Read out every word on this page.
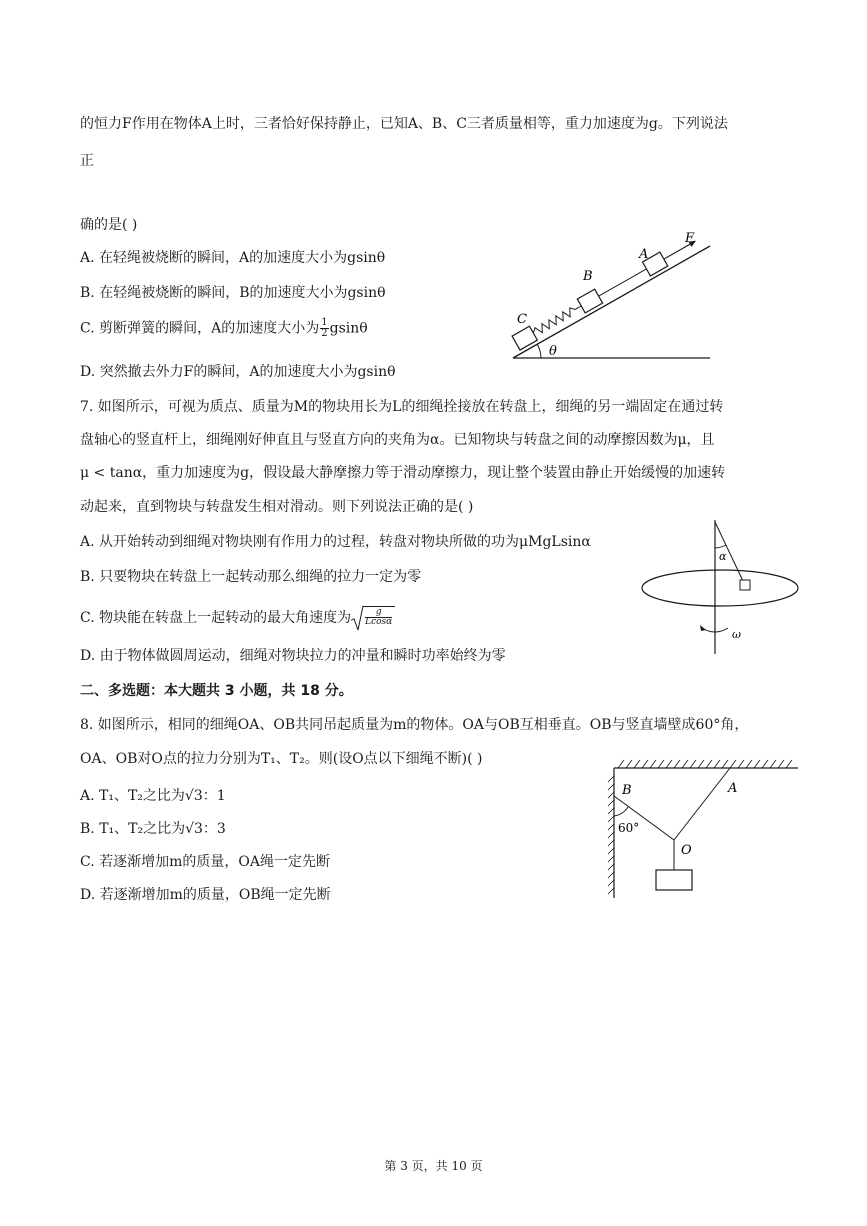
的恒力F作用在物体A上时，三者恰好保持静止，已知A、B、C三者质量相等，重力加速度为g。下列说法
正
确的是( )
A. 在轻绳被烧断的瞬间，A的加速度大小为gsinθ
B. 在轻绳被烧断的瞬间，B的加速度大小为gsinθ
C. 剪断弹簧的瞬间，A的加速度大小为 $\frac{1}{2}$ gsinθ
D. 突然撤去外力F的瞬间，A的加速度大小为gsinθ
θ
C
B
A
F
7. 如图所示，可视为质点、质量为M的物块用长为L的细绳拴接放在转盘上，细绳的另一端固定在通过转
盘轴心的竖直杆上，细绳刚好伸直且与竖直方向的夹角为α。已知物块与转盘之间的动摩擦因数为μ，且
μ < tanα，重力加速度为g，假设最大静摩擦力等于滑动摩擦力，现让整个装置由静止开始缓慢的加速转
动起来，直到物块与转盘发生相对滑动。则下列说法正确的是( )
A. 从开始转动到细绳对物块刚有作用力的过程，转盘对物块所做的功为μMgLsinα
B. 只要物块在转盘上一起转动那么细绳的拉力一定为零
C. 物块能在转盘上一起转动的最大角速度为 $\frac{g}{Lcos\alpha}$
D. 由于物体做圆周运动，细绳对物块拉力的冲量和瞬时功率始终为零
α
ω
二、多选题：本大题共 3 小题，共 18 分。
8. 如图所示，相同的细绳OA、OB共同吊起质量为m的物体。OA与OB互相垂直。OB与竖直墙壁成60°角，
OA、OB对O点的拉力分别为T₁、T₂。则(设O点以下细绳不断)( )
A. T₁、T₂之比为√3：1
B. T₁、T₂之比为√3：3
C. 若逐渐增加m的质量，OA绳一定先断
D. 若逐渐增加m的质量，OB绳一定先断
B	A
O
60°
第 3 页，共 10 页
